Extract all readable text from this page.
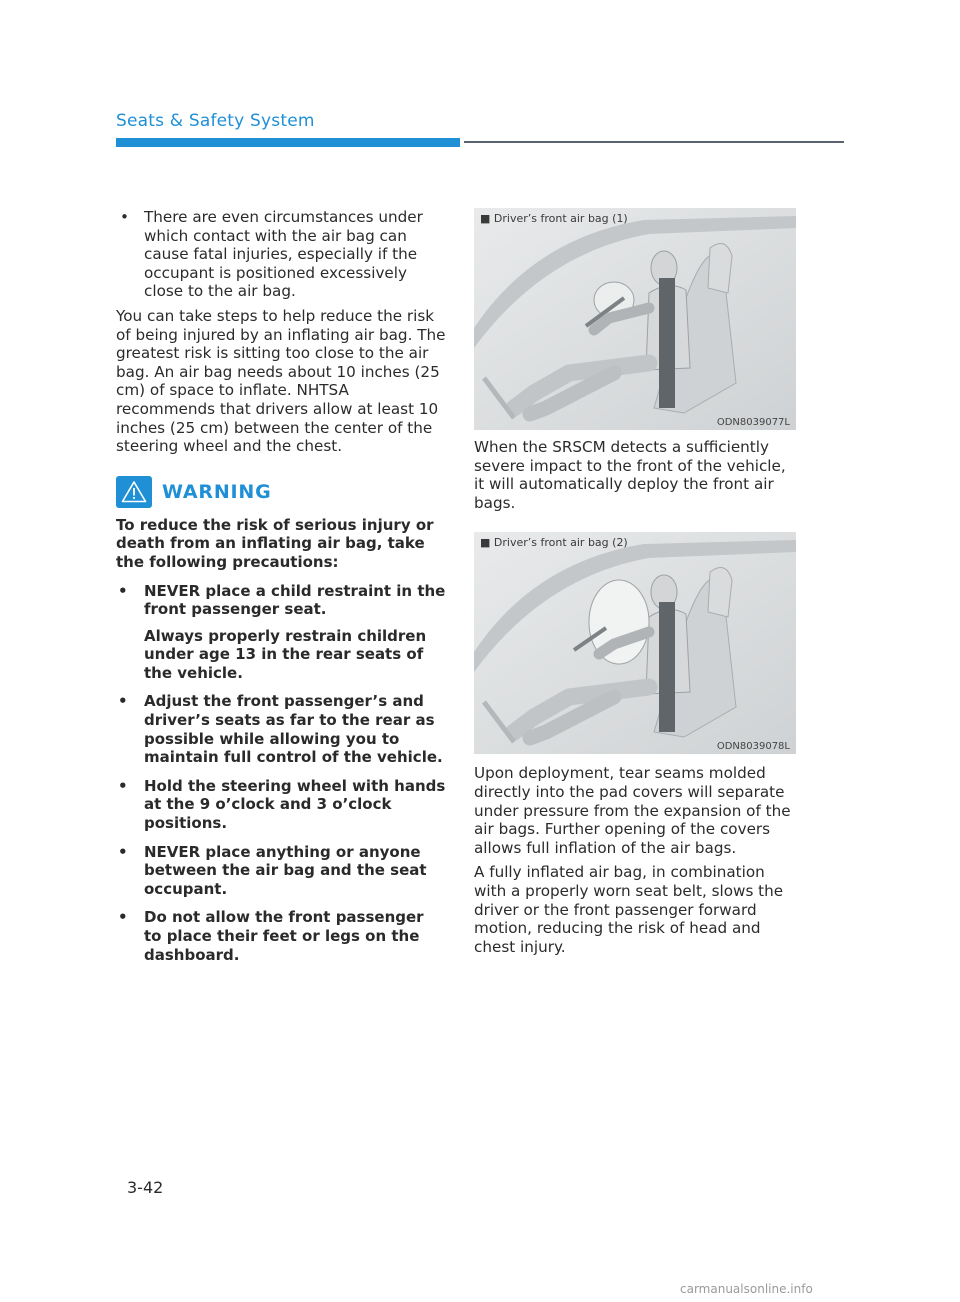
Seats & Safety System
• There are even circumstances under which contact with the air bag can cause fatal injuries, especially if the occupant is positioned excessively close to the air bag.
You can take steps to help reduce the risk of being injured by an inflating air bag. The greatest risk is sitting too close to the air bag. An air bag needs about 10 inches (25 cm) of space to inflate. NHTSA recommends that drivers allow at least 10 inches (25 cm) between the center of the steering wheel and the chest.
WARNING
To reduce the risk of serious injury or death from an inflating air bag, take the following precautions:
• NEVER place a child restraint in the front passenger seat.
Always properly restrain children under age 13 in the rear seats of the vehicle.
• Adjust the front passenger’s and driver’s seats as far to the rear as possible while allowing you to maintain full control of the vehicle.
• Hold the steering wheel with hands at the 9 o’clock and 3 o’clock positions.
• NEVER place anything or anyone between the air bag and the seat occupant.
• Do not allow the front passenger to place their feet or legs on the dashboard.
■ Driver’s front air bag (1)
ODN8039077L
When the SRSCM detects a sufficiently severe impact to the front of the vehicle, it will automatically deploy the front air bags.
■ Driver’s front air bag (2)
ODN8039078L
Upon deployment, tear seams molded directly into the pad covers will separate under pressure from the expansion of the air bags. Further opening of the covers allows full inflation of the air bags.
A fully inflated air bag, in combination with a properly worn seat belt, slows the driver or the front passenger forward motion, reducing the risk of head and chest injury.
3-42
carmanualsonline.info
